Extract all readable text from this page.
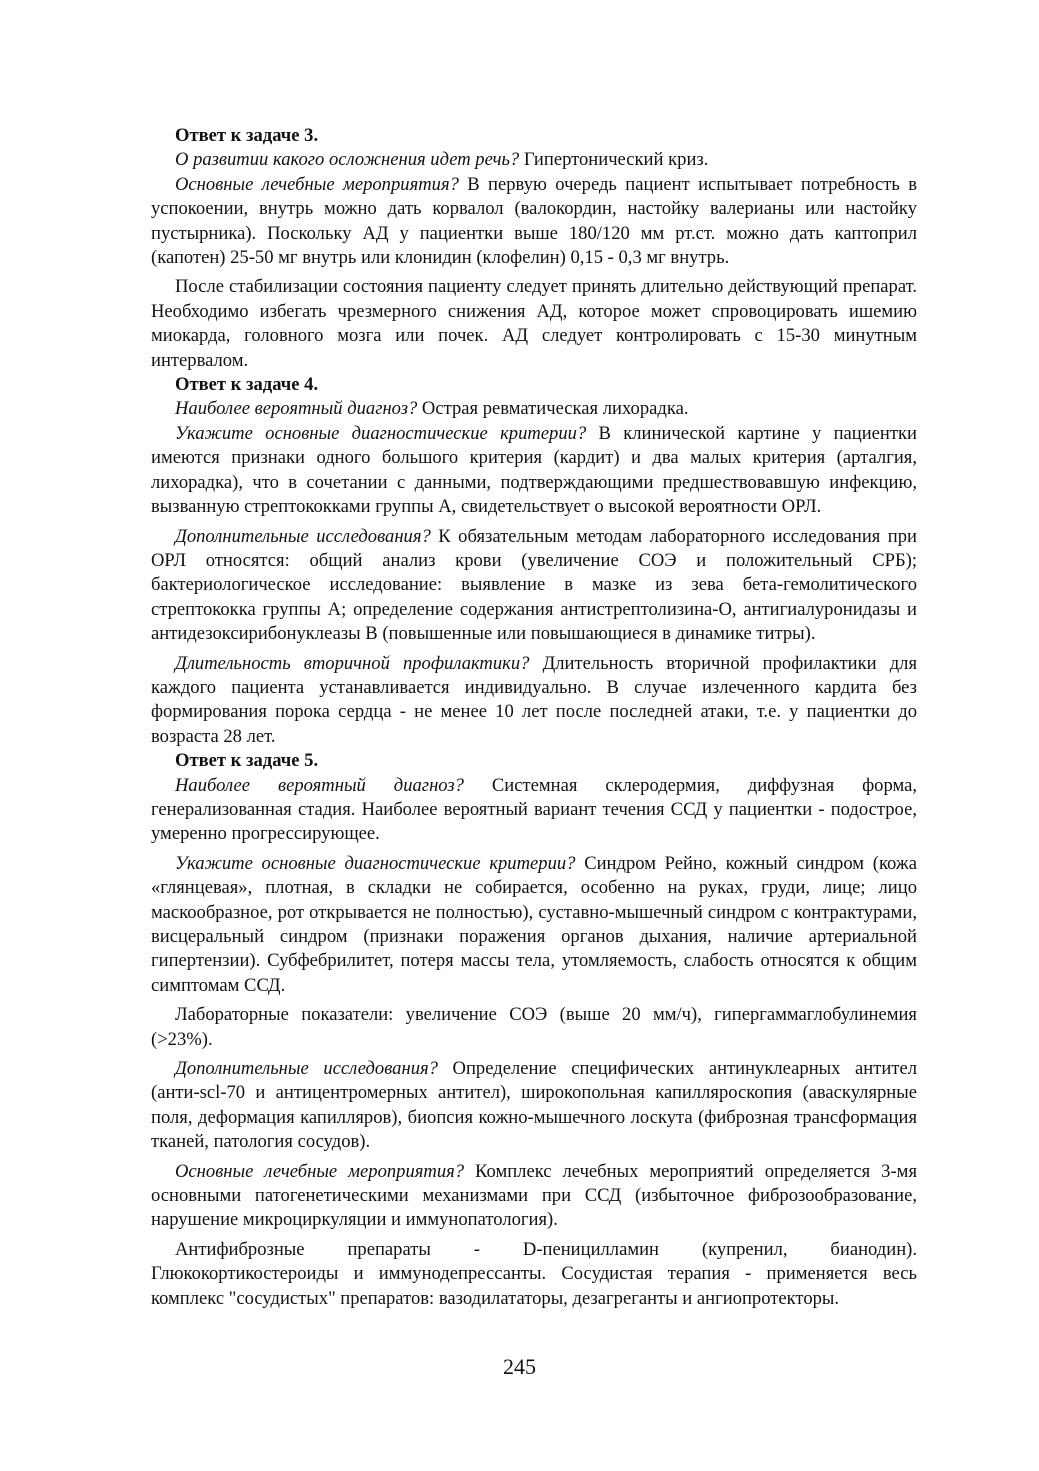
Ответ к задаче 3.

О развитии какого осложнения идет речь? Гипертонический криз.

Основные лечебные мероприятия? В первую очередь пациент испытывает потребность в успокоении, внутрь можно дать корвалол (валокордин, настойку валерианы или настойку пустырника). Поскольку АД у пациентки выше 180/120 мм рт.ст. можно дать каптоприл (капотен) 25-50 мг внутрь или клонидин (клофелин) 0,15 - 0,3 мг внутрь.

После стабилизации состояния пациенту следует принять длительно действующий препарат. Необходимо избегать чрезмерного снижения АД, которое может спровоцировать ишемию миокарда, головного мозга или почек. АД следует контролировать с 15-30 минутным интервалом.

Ответ к задаче 4.

Наиболее вероятный диагноз? Острая ревматическая лихорадка.

Укажите основные диагностические критерии? В клинической картине у пациентки имеются признаки одного большого критерия (кардит) и два малых критерия (арталгия, лихорадка), что в сочетании с данными, подтверждающими предшествовавшую инфекцию, вызванную стрептококками группы А, свидетельствует о высокой вероятности ОРЛ.

Дополнительные исследования? К обязательным методам лабораторного исследования при ОРЛ относятся: общий анализ крови (увеличение СОЭ и положительный СРБ); бактериологическое исследование: выявление в мазке из зева бета-гемолитического стрептококка группы А; определение содержания антистрептолизина-О, антигиалуронидазы и антидезоксирибонуклеазы В (повышенные или повышающиеся в динамике титры).

Длительность вторичной профилактики? Длительность вторичной профилактики для каждого пациента устанавливается индивидуально. В случае излеченного кардита без формирования порока сердца - не менее 10 лет после последней атаки, т.е. у пациентки до возраста 28 лет.

Ответ к задаче 5.

Наиболее вероятный диагноз? Системная склеродермия, диффузная форма, генерализованная стадия. Наиболее вероятный вариант течения ССД у пациентки - подострое, умеренно прогрессирующее.

Укажите основные диагностические критерии? Синдром Рейно, кожный синдром (кожа «глянцевая», плотная, в складки не собирается, особенно на руках, груди, лице; лицо маскообразное, рот открывается не полностью), суставно-мышечный синдром с контрактурами, висцеральный синдром (признаки поражения органов дыхания, наличие артериальной гипертензии). Субфебрилитет, потеря массы тела, утомляемость, слабость относятся к общим симптомам ССД.

Лабораторные показатели: увеличение СОЭ (выше 20 мм/ч), гипергаммаглобулинемия (>23%).

Дополнительные исследования? Определение специфических антинуклеарных антител (анти-scl-70 и антицентромерных антител), широкопольная капилляроскопия (аваскулярные поля, деформация капилляров), биопсия кожно-мышечного лоскута (фиброзная трансформация тканей, патология сосудов).

Основные лечебные мероприятия? Комплекс лечебных мероприятий определяется 3-мя основными патогенетическими механизмами при ССД (избыточное фиброзообразование, нарушение микроциркуляции и иммунопатология).

Антифиброзные препараты - D-пеницилламин (купренил, бианодин). Глюкокортикостероиды и иммунодепрессанты. Сосудистая терапия - применяется весь комплекс "сосудистых" препаратов: вазодилататоры, дезагреганты и ангиопротекторы.

245
